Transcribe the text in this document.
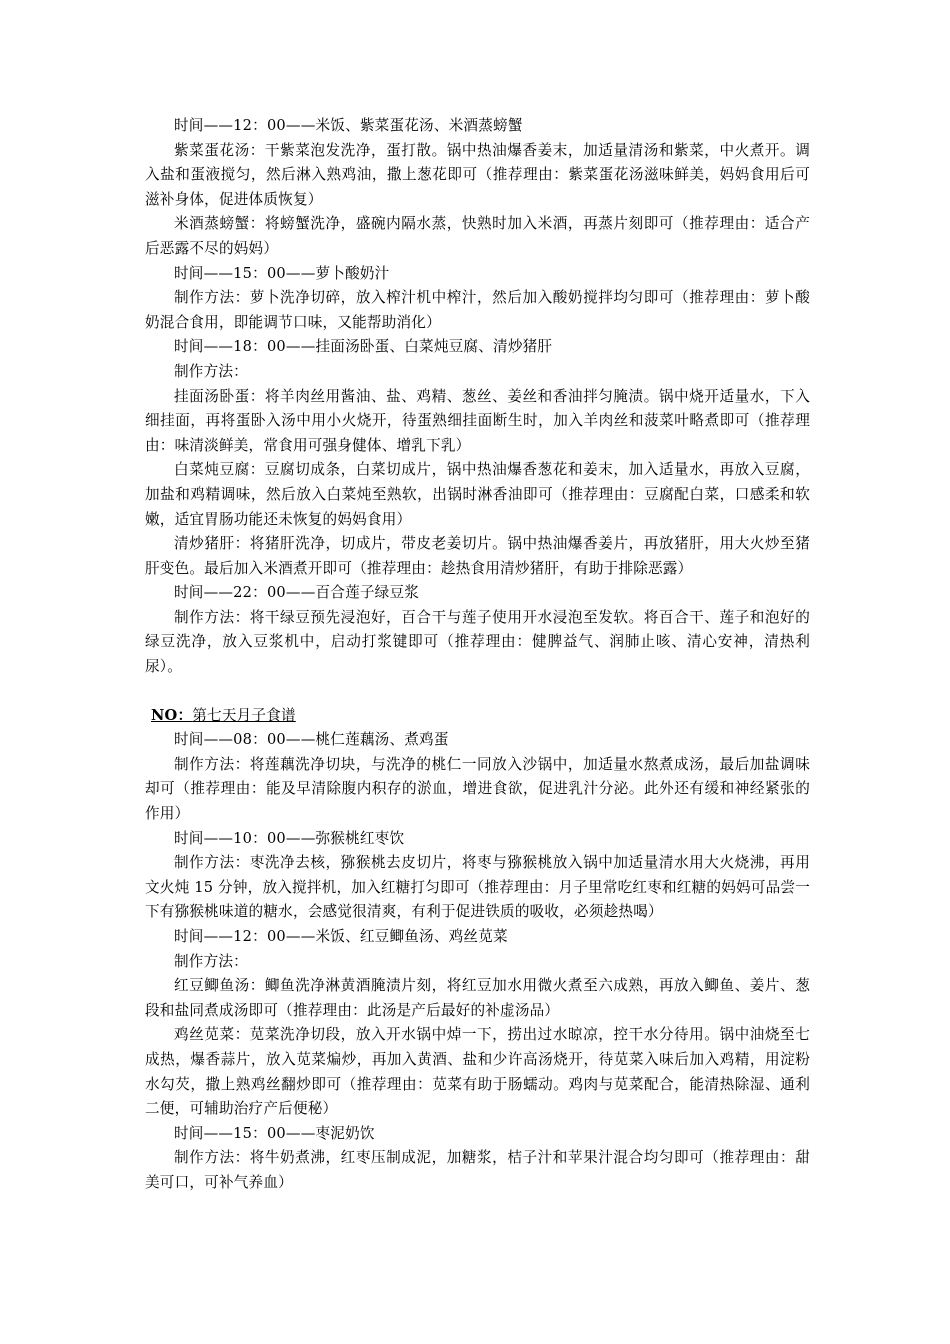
时间——12：00——米饭、紫菜蛋花汤、米酒蒸螃蟹

紫菜蛋花汤：干紫菜泡发洗净，蛋打散。锅中热油爆香姜末，加适量清汤和紫菜，中火煮开。调入盐和蛋液搅匀，然后淋入熟鸡油，撒上葱花即可（推荐理由：紫菜蛋花汤滋味鲜美，妈妈食用后可滋补身体，促进体质恢复）

米酒蒸螃蟹：将螃蟹洗净，盛碗内隔水蒸，快熟时加入米酒，再蒸片刻即可（推荐理由：适合产后恶露不尽的妈妈）

时间——15：00——萝卜酸奶汁

制作方法：萝卜洗净切碎，放入榨汁机中榨汁，然后加入酸奶搅拌均匀即可（推荐理由：萝卜酸奶混合食用，即能调节口味，又能帮助消化）

时间——18：00——挂面汤卧蛋、白菜炖豆腐、清炒猪肝

制作方法：

挂面汤卧蛋：将羊肉丝用酱油、盐、鸡精、葱丝、姜丝和香油拌匀腌渍。锅中烧开适量水，下入细挂面，再将蛋卧入汤中用小火烧开，待蛋熟细挂面断生时，加入羊肉丝和菠菜叶略煮即可（推荐理由：味清淡鲜美，常食用可强身健体、增乳下乳）

白菜炖豆腐：豆腐切成条，白菜切成片，锅中热油爆香葱花和姜末，加入适量水，再放入豆腐，加盐和鸡精调味，然后放入白菜炖至熟软，出锅时淋香油即可（推荐理由：豆腐配白菜，口感柔和软嫩，适宜胃肠功能还未恢复的妈妈食用）

清炒猪肝：将猪肝洗净，切成片，带皮老姜切片。锅中热油爆香姜片，再放猪肝，用大火炒至猪肝变色。最后加入米酒煮开即可（推荐理由：趁热食用清炒猪肝，有助于排除恶露）

时间——22：00——百合莲子绿豆浆

制作方法：将干绿豆预先浸泡好，百合干与莲子使用开水浸泡至发软。将百合干、莲子和泡好的绿豆洗净，放入豆浆机中，启动打浆键即可（推荐理由：健脾益气、润肺止咳、清心安神，清热利尿）。

NO：第七天月子食谱

时间——08：00——桃仁莲藕汤、煮鸡蛋

制作方法：将莲藕洗净切块，与洗净的桃仁一同放入沙锅中，加适量水熬煮成汤，最后加盐调味却可（推荐理由：能及早清除腹内积存的淤血，增进食欲，促进乳汁分泌。此外还有缓和神经紧张的作用）

时间——10：00——弥猴桃红枣饮

制作方法：枣洗净去核，猕猴桃去皮切片，将枣与猕猴桃放入锅中加适量清水用大火烧沸，再用文火炖 15 分钟，放入搅拌机，加入红糖打匀即可（推荐理由：月子里常吃红枣和红糖的妈妈可品尝一下有猕猴桃味道的糖水，会感觉很清爽，有利于促进铁质的吸收，必须趁热喝）

时间——12：00——米饭、红豆鲫鱼汤、鸡丝苋菜

制作方法：

红豆鲫鱼汤：鲫鱼洗净淋黄酒腌渍片刻，将红豆加水用微火煮至六成熟，再放入鲫鱼、姜片、葱段和盐同煮成汤即可（推荐理由：此汤是产后最好的补虚汤品）

鸡丝苋菜：苋菜洗净切段，放入开水锅中焯一下，捞出过水晾凉，控干水分待用。锅中油烧至七成热，爆香蒜片，放入苋菜煸炒，再加入黄酒、盐和少许高汤烧开，待苋菜入味后加入鸡精，用淀粉水勾芡，撒上熟鸡丝翻炒即可（推荐理由：苋菜有助于肠蠕动。鸡肉与苋菜配合，能清热除湿、通利二便，可辅助治疗产后便秘）

时间——15：00——枣泥奶饮

制作方法：将牛奶煮沸，红枣压制成泥，加糖浆，桔子汁和苹果汁混合均匀即可（推荐理由：甜美可口，可补气养血）
